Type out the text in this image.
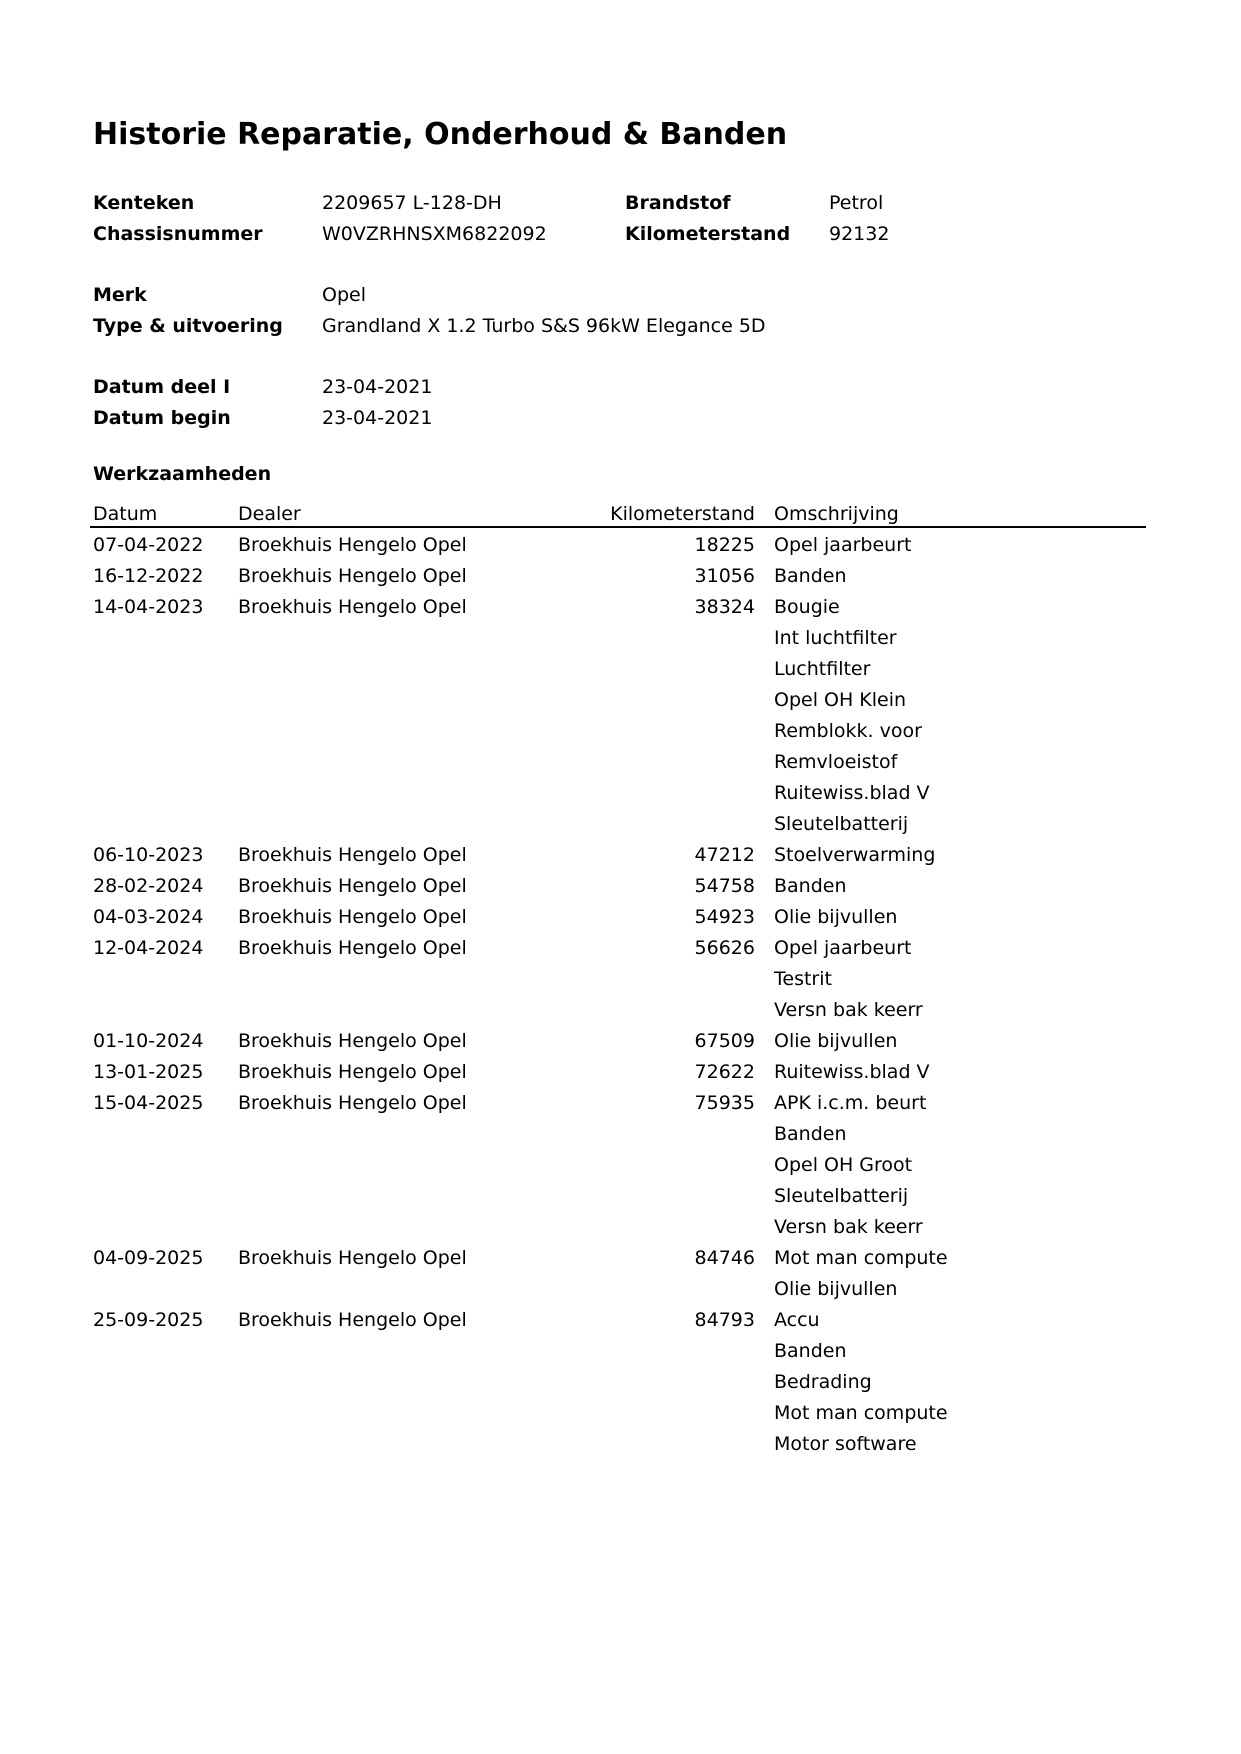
Historie Reparatie, Onderhoud & Banden
Kenteken	2209657 L-128-DH	Brandstof	Petrol
Chassisnummer	W0VZRHNSXM6822092	Kilometerstand 92132
Merk	Opel
Type & uitvoering Grandland X 1.2 Turbo S&S 96kW Elegance 5D
Datum deel I	23-04-2021
Datum begin	23-04-2021
Werkzaamheden
Datum	Dealer	Kilometerstand	Omschrijving
07-04-2022	Broekhuis Hengelo Opel	18225	Opel jaarbeurt
16-12-2022	Broekhuis Hengelo Opel	31056	Banden
14-04-2023	Broekhuis Hengelo Opel	38324	Bougie
			Int luchtfilter
			Luchtfilter
			Opel OH Klein
			Remblokk. voor
			Remvloeistof
			Ruitewiss.blad V
			Sleutelbatterij
06-10-2023	Broekhuis Hengelo Opel	47212	Stoelverwarming
28-02-2024	Broekhuis Hengelo Opel	54758	Banden
04-03-2024	Broekhuis Hengelo Opel	54923	Olie bijvullen
12-04-2024	Broekhuis Hengelo Opel	56626	Opel jaarbeurt
			Testrit
			Versn bak keerr
01-10-2024	Broekhuis Hengelo Opel	67509	Olie bijvullen
13-01-2025	Broekhuis Hengelo Opel	72622	Ruitewiss.blad V
15-04-2025	Broekhuis Hengelo Opel	75935	APK i.c.m. beurt
			Banden
			Opel OH Groot
			Sleutelbatterij
			Versn bak keerr
04-09-2025	Broekhuis Hengelo Opel	84746	Mot man compute
			Olie bijvullen
25-09-2025	Broekhuis Hengelo Opel	84793	Accu
			Banden
			Bedrading
			Mot man compute
			Motor software
